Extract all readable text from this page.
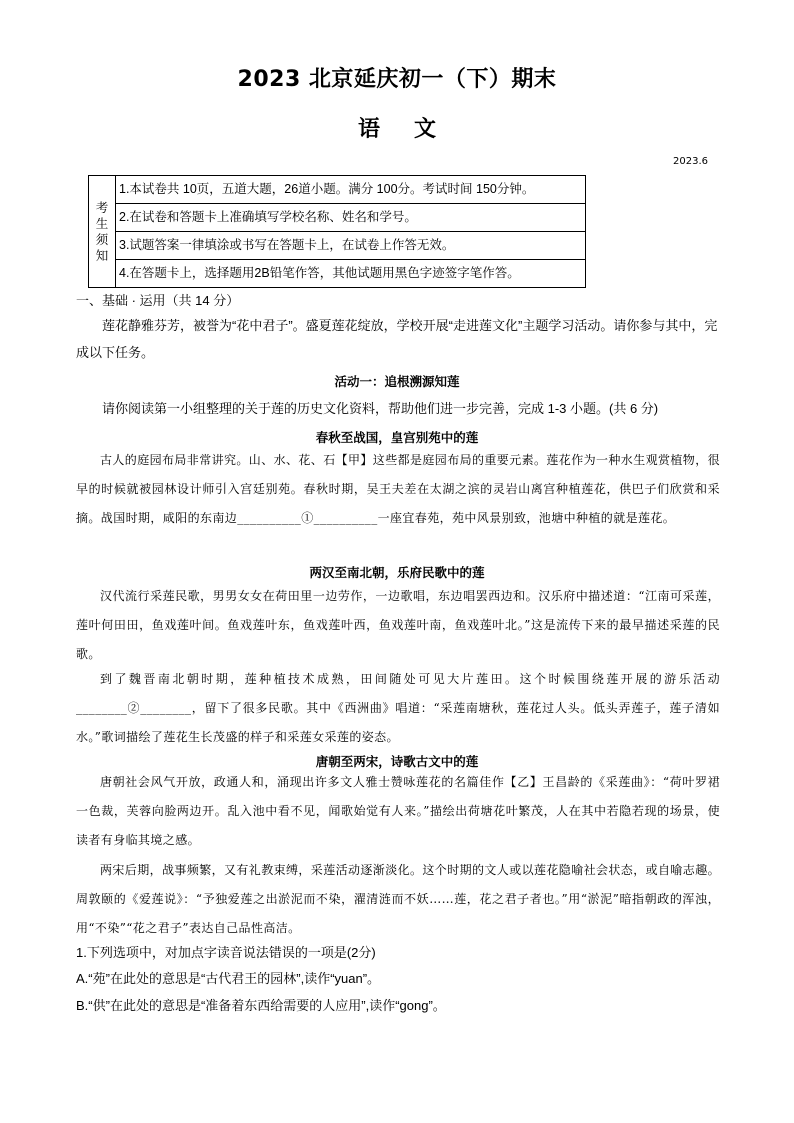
2023 北京延庆初一（下）期末
语文
2023.6
考
生
须
知
	1.本试卷共 10页，五道大题，26道小题。满分 100分。考试时间 150分钟。
2.在试卷和答题卡上准确填写学校名称、姓名和学号。
3.试题答案一律填涂或书写在答题卡上，在试卷上作答无效。
4.在答题卡上，选择题用2B铅笔作答，其他试题用黑色字迹签字笔作答。
一、基础 · 运用（共 14 分）
莲花静雅芬芳，被誉为“花中君子”。盛夏莲花绽放，学校开展“走进莲文化”主题学习活动。请你参与其中，完成以下任务。
活动一：追根溯源知莲
请你阅读第一小组整理的关于莲的历史文化资料，帮助他们进一步完善，完成 1-3 小题。(共 6 分)
春秋至战国，皇宫别苑中的莲
古人的庭园布局非常讲究。山、水、花、石【甲】这些都是庭园布局的重要元素。莲花作为一种水生观赏植物，很早的时候就被园林设计师引入宫廷别苑。春秋时期，吴王夫差在太湖之滨的灵岩山离宫种植莲花，供巴子们欣赏和采摘。战国时期，咸阳的东南边__________①__________一座宜春苑，苑中风景别致，池塘中种植的就是莲花。
两汉至南北朝，乐府民歌中的莲
汉代流行采莲民歌，男男女女在荷田里一边劳作，一边歌唱，东边唱罢西边和。汉乐府中描述道：“江南可采莲，莲叶何田田，鱼戏莲叶间。鱼戏莲叶东，鱼戏莲叶西，鱼戏莲叶南，鱼戏莲叶北。”这是流传下来的最早描述采莲的民歌。
到了魏晋南北朝时期，莲种植技术成熟，田间随处可见大片莲田。这个时候围绕莲开展的游乐活动________②________，留下了很多民歌。其中《西洲曲》唱道：“采莲南塘秋，莲花过人头。低头弄莲子，莲子清如水。”歌词描绘了莲花生长茂盛的样子和采莲女采莲的姿态。
唐朝至两宋，诗歌古文中的莲
唐朝社会风气开放，政通人和，涌现出许多文人雅士赞咏莲花的名篇佳作【乙】王昌龄的《采莲曲》：“荷叶罗裙一色裁，芙蓉向脸两边开。乱入池中看不见，闻歌始觉有人来。”描绘出荷塘花叶繁茂，人在其中若隐若现的场景，使读者有身临其境之感。
两宋后期，战事频繁，又有礼教束缚，采莲活动逐渐淡化。这个时期的文人或以莲花隐喻社会状态，或自喻志趣。周敦颐的《爱莲说》：“予独爱莲之出淤泥而不染，濯清涟而不妖……莲，花之君子者也。”用“淤泥”暗指朝政的浑浊，用“不染”“花之君子”表达自己品性高洁。
1.下列选项中，对加点字读音说法错误的一项是(2分)
A.“苑”在此处的意思是“古代君王的园林”,读作“yuan”。
B.“供”在此处的意思是“准备着东西给需要的人应用”,读作“gong”。
